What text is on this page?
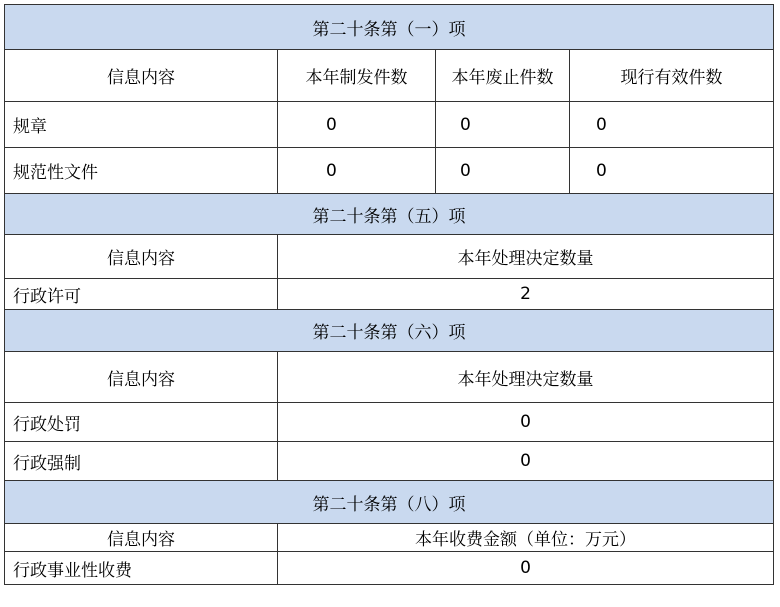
第二十条第（一）项
信息内容	本年制发件数	本年废止件数	现行有效件数
规章	0	0	0
规范性文件	0	0	0
第二十条第（五）项
信息内容	本年处理决定数量
行政许可	2
第二十条第（六）项
信息内容	本年处理决定数量
行政处罚	0
行政强制	0
第二十条第（八）项
信息内容	本年收费金额（单位：万元）
行政事业性收费	0
